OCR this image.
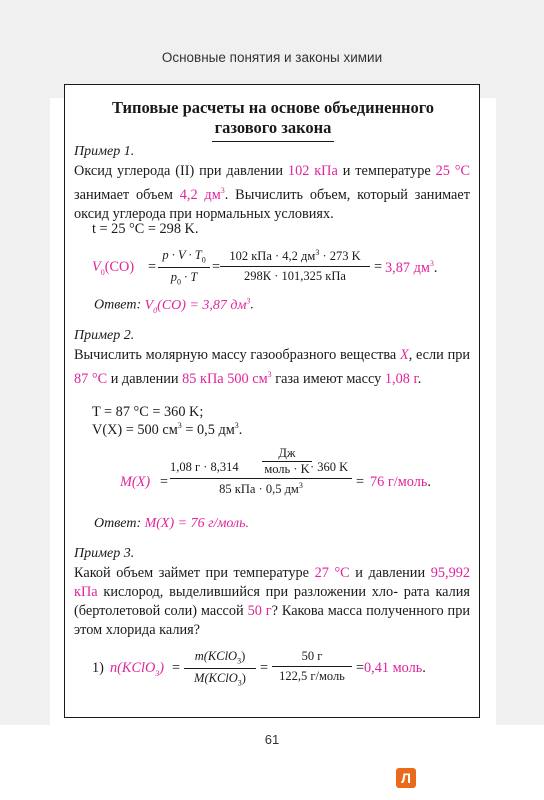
Основные понятия и законы химии
Типовые расчеты на основе объединенного
газового закона
Пример 1.
Оксид углерода (II) при давлении 102 кПа и температуре 25 °C занимает объем 4,2 $дм^3$. Вычислить объем, который занимает оксид углерода при нормальных условиях.
t = 25 °C = 298 K.
$V_0(CO)$ =
$p \cdot V \cdot T_0$
$p_0 \cdot T$
=
102 кПа · 4,2 $дм^3 \cdot 273$ K
298К · 101,325 кПа
= 3,87 $дм^3$.
Ответ: $V_0(CO) = 3,87$ $дм^3$.
Пример 2.
Вычислить молярную массу газообразного вещества X, если при 87 °C и давлении 85 кПа 500 $см^3$ газа имеют массу 1,08 г.
T = 87 °C = 360 K;
V(X) = 500 $см^3 = 0,5$ $дм^3$.
M(X) =
1,08 г · 8,314
Дж
моль · K · 360 K
85 кПа · 0,5 $дм^3$	= 76 г/моль.
Ответ: M(X) = 76 г/моль.
Пример 3.
Какой объем займет при температуре 27 °C и давлении 95,992 кПа кислород, выделившийся при разложении хло- рата калия (бертолетовой соли) массой 50 г? Какова масса полученного при этом хлорида калия?
1) n(KClO$_3$) =
m(KClO$_3$)
M(KClO$_3$)
=
50 г
122,5 г/моль = 0,41 моль.
61
Л
